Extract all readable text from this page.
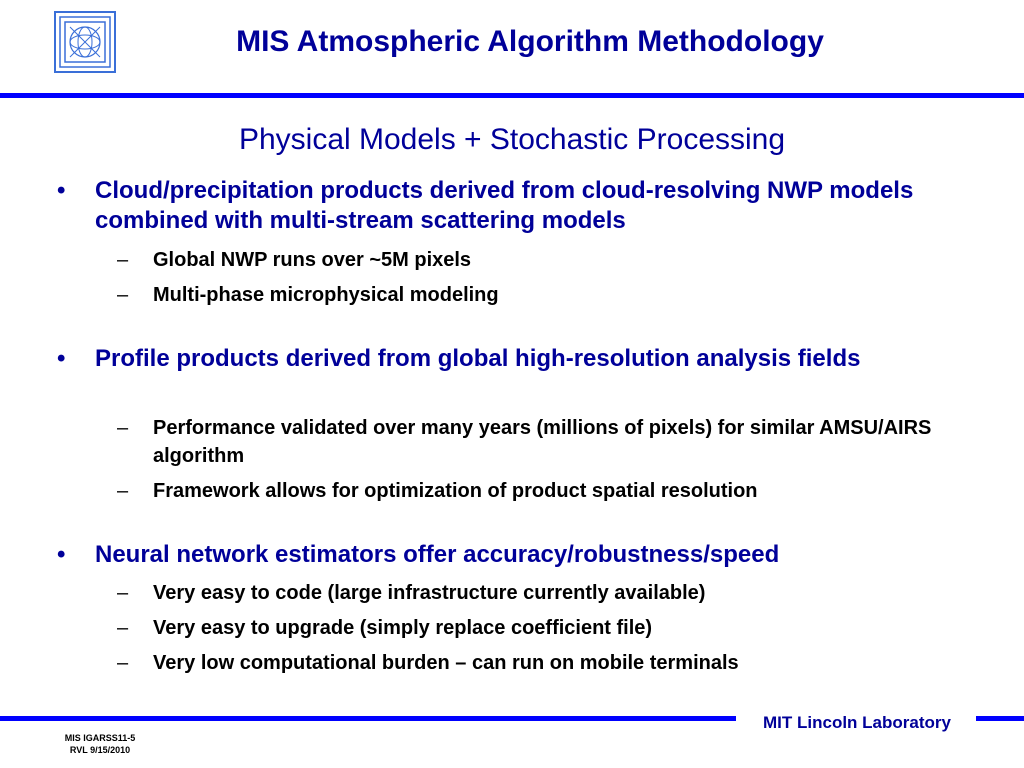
MIS Atmospheric Algorithm Methodology
Physical Models + Stochastic Processing
• Cloud/precipitation products derived from cloud-resolving NWP models combined with multi-stream scattering models
– Global NWP runs over ~5M pixels
– Multi-phase microphysical modeling
• Profile products derived from global high-resolution analysis fields
– Performance validated over many years (millions of pixels) for similar AMSU/AIRS algorithm
– Framework allows for optimization of product spatial resolution
• Neural network estimators offer accuracy/robustness/speed
– Very easy to code (large infrastructure currently available)
– Very easy to upgrade (simply replace coefficient file)
– Very low computational burden – can run on mobile terminals
MIT Lincoln Laboratory
MIS IGARSS11-5
RVL 9/15/2010
